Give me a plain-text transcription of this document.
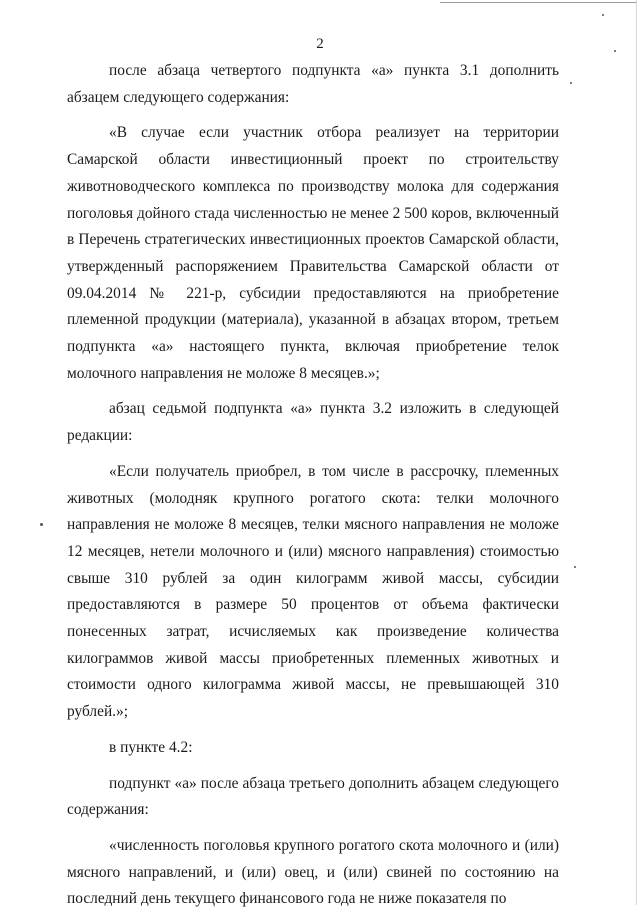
2

после абзаца четвертого подпункта «а» пункта 3.1 дополнить абзацем следующего содержания:

«В случае если участник отбора реализует на территории Самарской области инвестиционный проект по строительству животноводческого комплекса по производству молока для содержания поголовья дойного стада численностью не менее 2 500 коров, включенный в Перечень стратегических инвестиционных проектов Самарской области, утвержденный распоряжением Правительства Самарской области от 09.04.2014 № 221-р, субсидии предоставляются на приобретение племенной продукции (материала), указанной в абзацах втором, третьем подпункта «а» настоящего пункта, включая приобретение телок молочного направления не моложе 8 месяцев.»;

абзац седьмой подпункта «а» пункта 3.2 изложить в следующей редакции:

«Если получатель приобрел, в том числе в рассрочку, племенных животных (молодняк крупного рогатого скота: телки молочного направления не моложе 8 месяцев, телки мясного направления не моложе 12 месяцев, нетели молочного и (или) мясного направления) стоимостью свыше 310 рублей за один килограмм живой массы, субсидии предоставляются в размере 50 процентов от объема фактически понесенных затрат, исчисляемых как произведение количества килограммов живой массы приобретенных племенных животных и стоимости одного килограмма живой массы, не превышающей 310 рублей.»;

в пункте 4.2:

подпункт «а» после абзаца третьего дополнить абзацем следующего содержания:

«численность поголовья крупного рогатого скота молочного и (или) мясного направлений, и (или) овец, и (или) свиней по состоянию на последний день текущего финансового года не ниже показателя по
